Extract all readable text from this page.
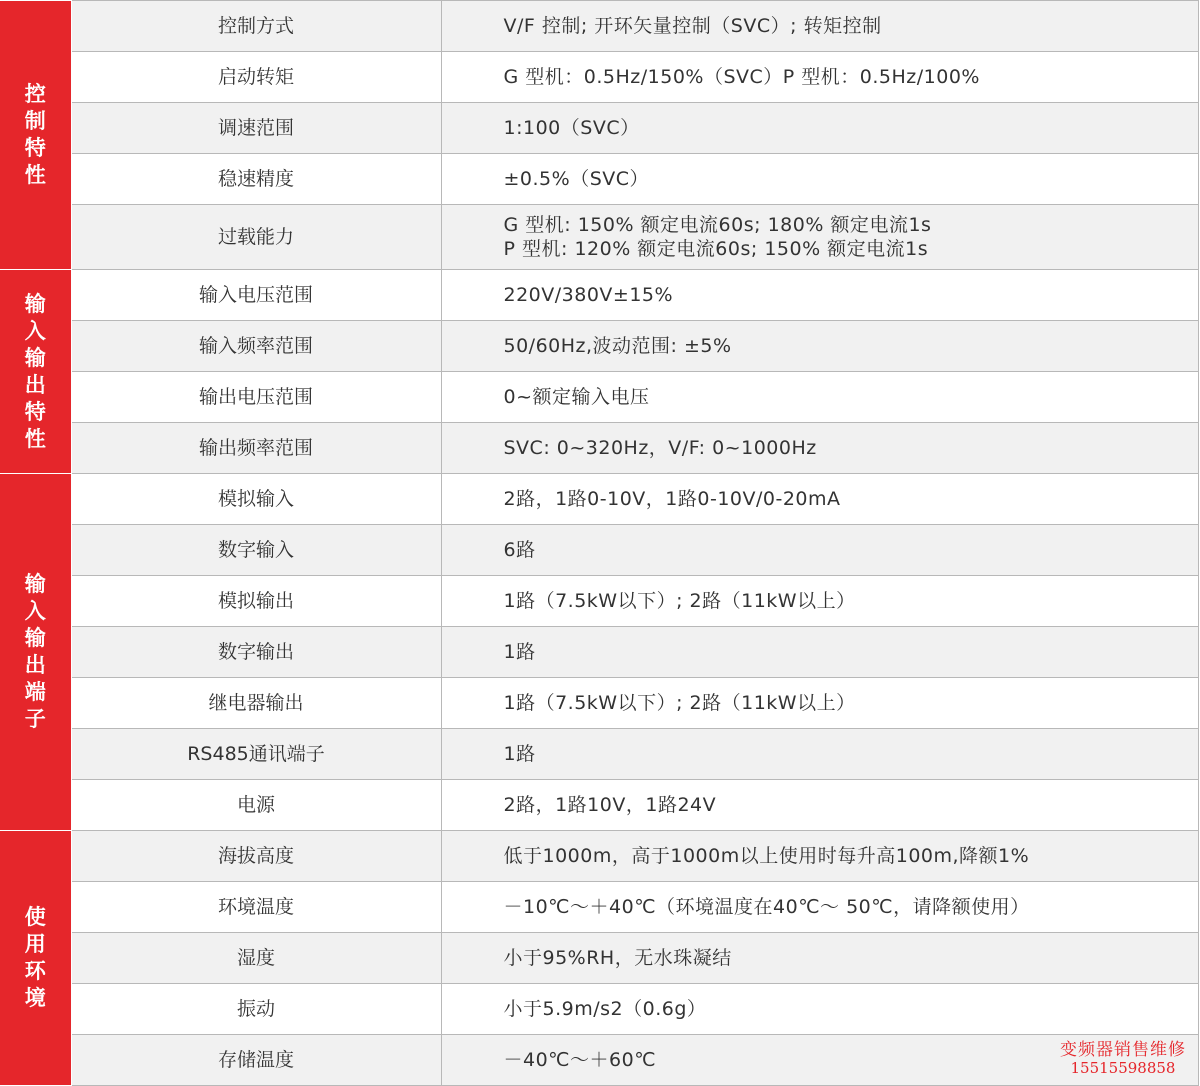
控制特性	控制方式	V/F 控制; 开环矢量控制（SVC）; 转矩控制
	启动转矩	G 型机：0.5Hz/150%（SVC）P 型机：0.5Hz/100%
	调速范围	1:100（SVC）
	稳速精度	±0.5%（SVC）
	过载能力	G 型机: 150% 额定电流60s; 180% 额定电流1s
P 型机: 120% 额定电流60s; 150% 额定电流1s

输入输出特性	输入电压范围	220V/380V±15%
	输入频率范围	50/60Hz,波动范围: ±5%
	输出电压范围	0~额定输入电压
	输出频率范围	SVC: 0~320Hz，V/F: 0~1000Hz

输入输出端子	模拟输入	2路，1路0-10V，1路0-10V/0-20mA
	数字输入	6路
	模拟输出	1路（7.5kW以下）; 2路（11kW以上）
	数字输出	1路
	继电器输出	1路（7.5kW以下）; 2路（11kW以上）
	RS485通讯端子	1路
	电源	2路，1路10V，1路24V

使用环境	海拔高度	低于1000m，高于1000m以上使用时每升高100m,降额1%
	环境温度	－10℃～＋40℃（环境温度在40℃～ 50℃，请降额使用）
	湿度	小于95%RH，无水珠凝结
	振动	小于5.9m/s2（0.6g）
	存储温度	－40℃～＋60℃	变频器销售维修
15515598858
